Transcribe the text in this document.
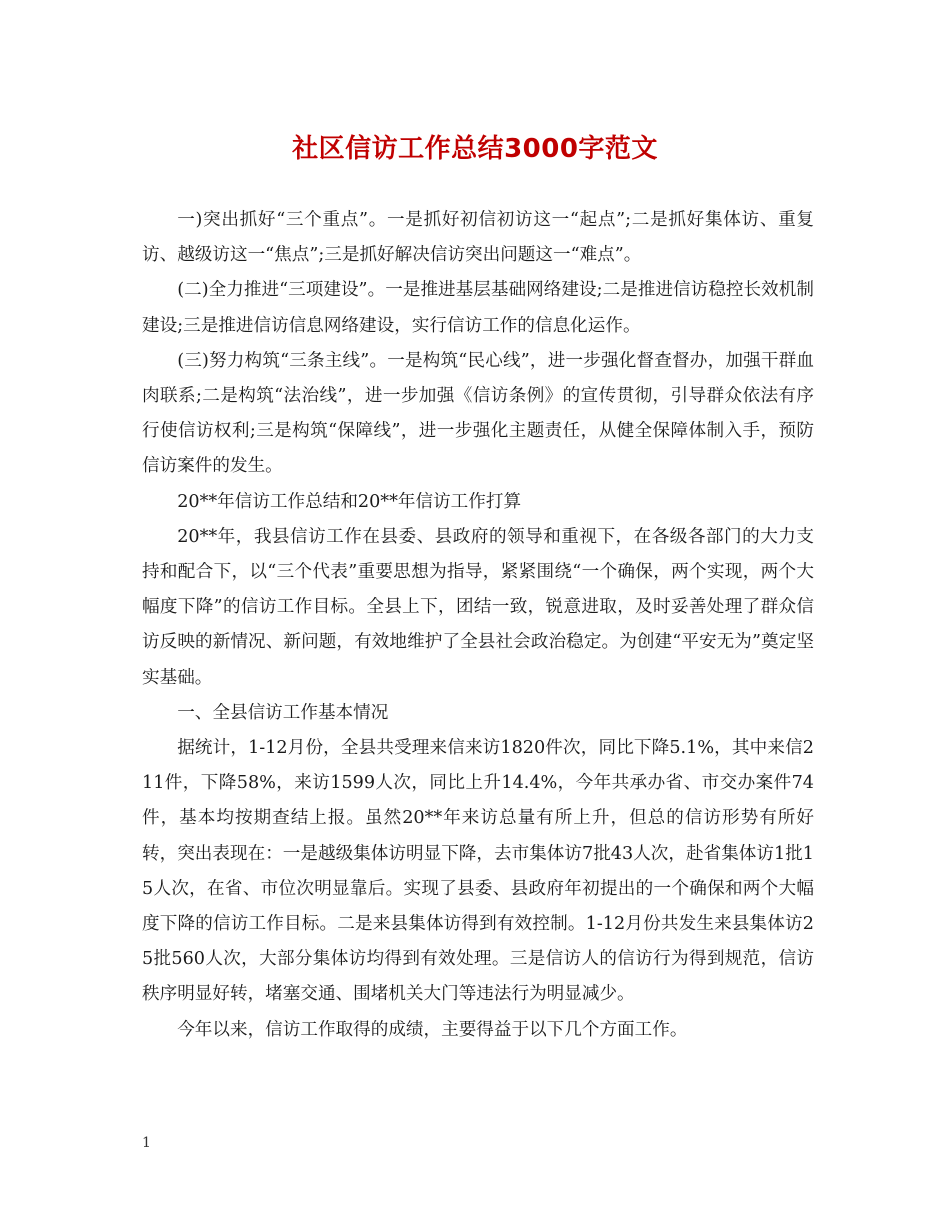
社区信访工作总结3000字范文

一)突出抓好“三个重点”。一是抓好初信初访这一“起点”;二是抓好集体访、重复访、越级访这一“焦点”;三是抓好解决信访突出问题这一“难点”。

(二)全力推进“三项建设”。一是推进基层基础网络建设;二是推进信访稳控长效机制建设;三是推进信访信息网络建设，实行信访工作的信息化运作。

(三)努力构筑“三条主线”。一是构筑“民心线”，进一步强化督查督办，加强干群血肉联系;二是构筑“法治线”，进一步加强《信访条例》的宣传贯彻，引导群众依法有序行使信访权利;三是构筑“保障线”，进一步强化主题责任，从健全保障体制入手，预防信访案件的发生。

20**年信访工作总结和20**年信访工作打算

20**年，我县信访工作在县委、县政府的领导和重视下，在各级各部门的大力支持和配合下，以“三个代表”重要思想为指导，紧紧围绕“一个确保，两个实现，两个大幅度下降”的信访工作目标。全县上下，团结一致，锐意进取，及时妥善处理了群众信访反映的新情况、新问题，有效地维护了全县社会政治稳定。为创建“平安无为”奠定坚实基础。

一、全县信访工作基本情况

据统计，1-12月份，全县共受理来信来访1820件次，同比下降5.1%，其中来信211件，下降58%，来访1599人次，同比上升14.4%，今年共承办省、市交办案件74件，基本均按期查结上报。虽然20**年来访总量有所上升，但总的信访形势有所好转，突出表现在：一是越级集体访明显下降，去市集体访7批43人次，赴省集体访1批15人次，在省、市位次明显靠后。实现了县委、县政府年初提出的一个确保和两个大幅度下降的信访工作目标。二是来县集体访得到有效控制。1-12月份共发生来县集体访25批560人次，大部分集体访均得到有效处理。三是信访人的信访行为得到规范，信访秩序明显好转，堵塞交通、围堵机关大门等违法行为明显减少。

今年以来，信访工作取得的成绩，主要得益于以下几个方面工作。

1
